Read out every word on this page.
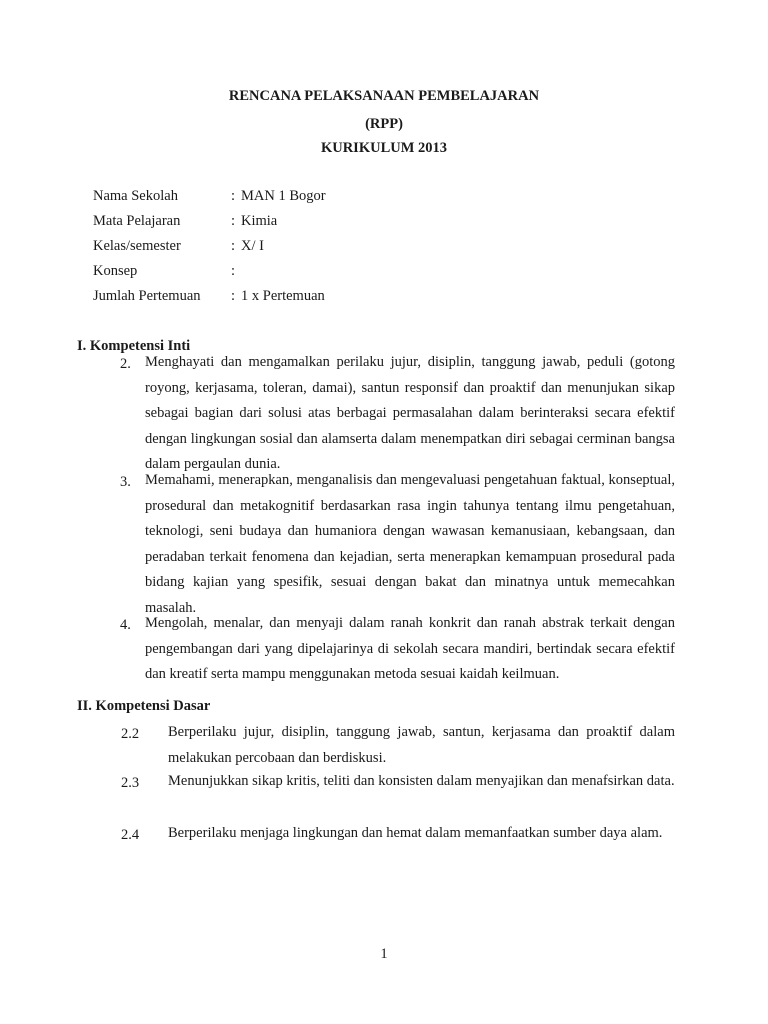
RENCANA PELAKSANAAN PEMBELAJARAN
(RPP)
KURIKULUM 2013
Nama Sekolah	: MAN 1 Bogor
Mata Pelajaran	: Kimia
Kelas/semester	: X/ I
Konsep	:
Jumlah Pertemuan : 1 x Pertemuan
I. Kompetensi Inti
2. Menghayati dan mengamalkan perilaku jujur, disiplin, tanggung jawab, peduli (gotong royong, kerjasama, toleran, damai), santun responsif dan proaktif dan menunjukan sikap sebagai bagian dari solusi atas berbagai permasalahan dalam berinteraksi secara efektif dengan lingkungan sosial dan alamserta dalam menempatkan diri sebagai cerminan bangsa dalam pergaulan dunia.
3. Memahami, menerapkan, menganalisis dan mengevaluasi pengetahuan faktual, konseptual, prosedural dan metakognitif berdasarkan rasa ingin tahunya tentang ilmu pengetahuan, teknologi, seni budaya dan humaniora dengan wawasan kemanusiaan, kebangsaan, dan peradaban terkait fenomena dan kejadian, serta menerapkan kemampuan prosedural pada bidang kajian yang spesifik, sesuai dengan bakat dan minatnya untuk memecahkan masalah.
4. Mengolah, menalar, dan menyaji dalam ranah konkrit dan ranah abstrak terkait dengan pengembangan dari yang dipelajarinya di sekolah secara mandiri, bertindak secara efektif dan kreatif serta mampu menggunakan metoda sesuai kaidah keilmuan.
II. Kompetensi Dasar
2.2 Berperilaku jujur, disiplin, tanggung jawab, santun, kerjasama dan proaktif dalam melakukan percobaan dan berdiskusi.
2.3 Menunjukkan sikap kritis, teliti dan konsisten dalam menyajikan dan menafsirkan data.
2.4 Berperilaku menjaga lingkungan dan hemat dalam memanfaatkan sumber daya alam.
1
